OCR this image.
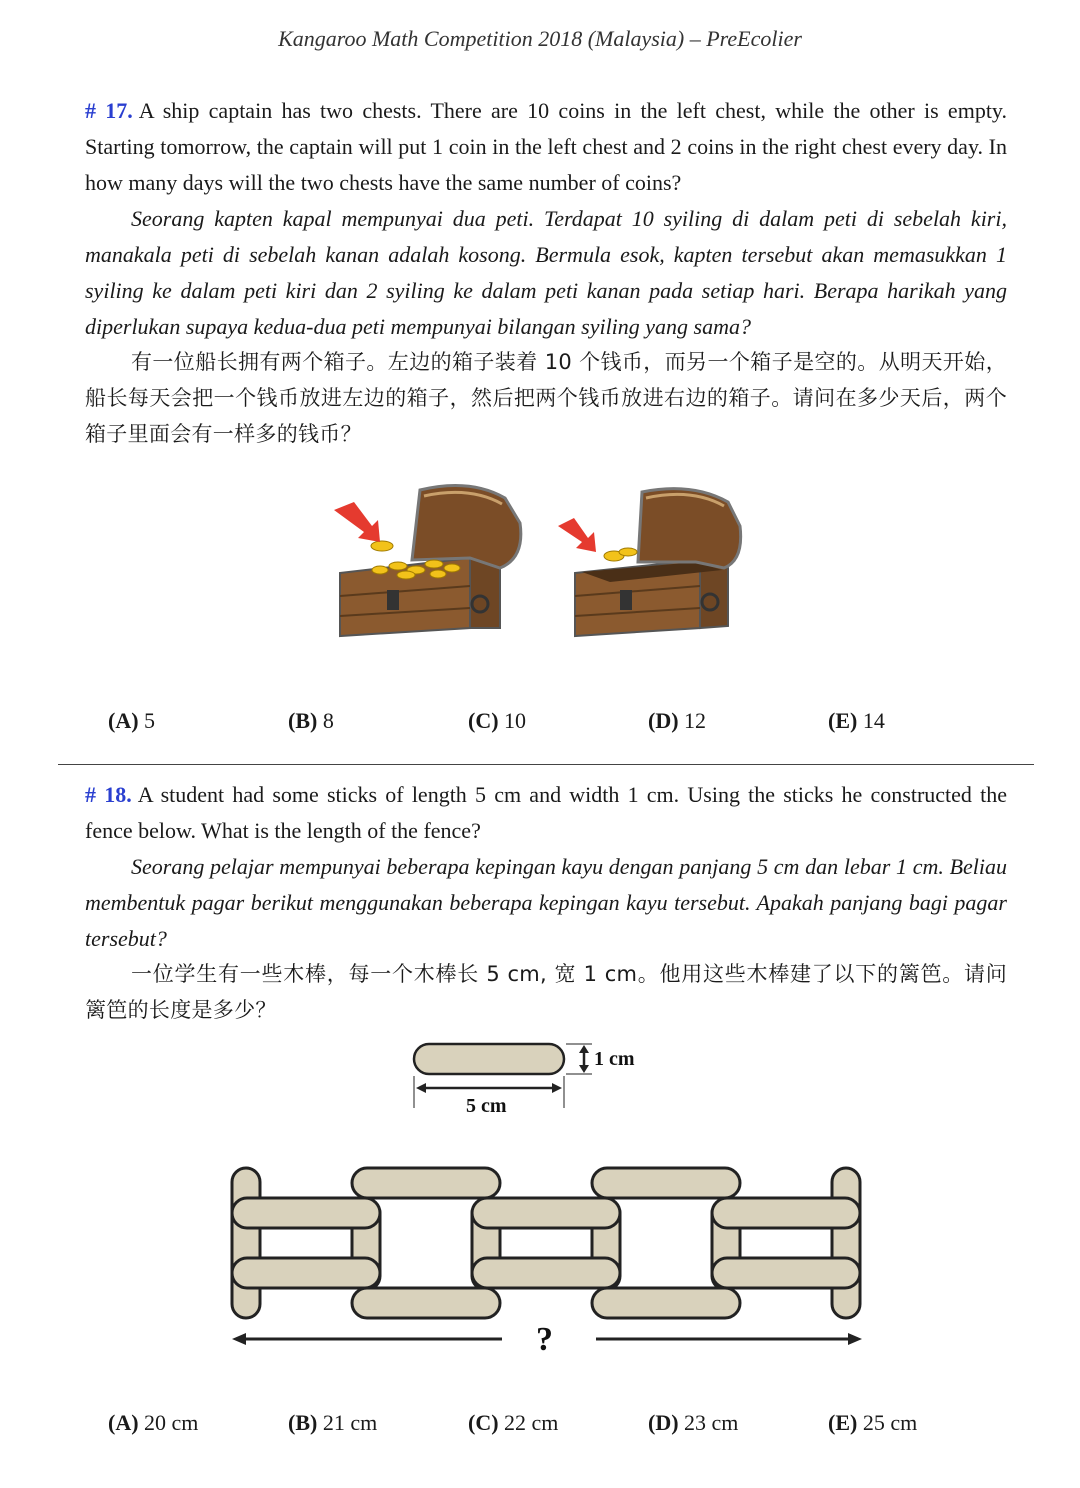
Kangaroo Math Competition 2018 (Malaysia) – PreEcolier

# 17. A ship captain has two chests. There are 10 coins in the left chest, while the other is empty. Starting tomorrow, the captain will put 1 coin in the left chest and 2 coins in the right chest every day. In how many days will the two chests have the same number of coins?

Seorang kapten kapal mempunyai dua peti. Terdapat 10 syiling di dalam peti di sebelah kiri, manakala peti di sebelah kanan adalah kosong. Bermula esok, kapten tersebut akan memasukkan 1 syiling ke dalam peti kiri dan 2 syiling ke dalam peti kanan pada setiap hari. Berapa harikah yang diperlukan supaya kedua-dua peti mempunyai bilangan syiling yang sama?

有一位船长拥有两个箱子。左边的箱子装着 10 个钱币，而另一个箱子是空的。从明天开始，船长每天会把一个钱币放进左边的箱子，然后把两个钱币放进右边的箱子。请问在多少天后，两个箱子里面会有一样多的钱币？

(A) 5	(B) 8	(C) 10	(D) 12	(E) 14

# 18. A student had some sticks of length 5 cm and width 1 cm. Using the sticks he constructed the fence below. What is the length of the fence?

Seorang pelajar mempunyai beberapa kepingan kayu dengan panjang 5 cm dan lebar 1 cm. Beliau membentuk pagar berikut menggunakan beberapa kepingan kayu tersebut. Apakah panjang bagi pagar tersebut?

一位学生有一些木棒，每一个木棒长 5 cm, 宽 1 cm。他用这些木棒建了以下的篱笆。请问篱笆的长度是多少？

1 cm
5 cm
?
(A) 20 cm	(B) 21 cm	(C) 22 cm	(D) 23 cm	(E) 25 cm
